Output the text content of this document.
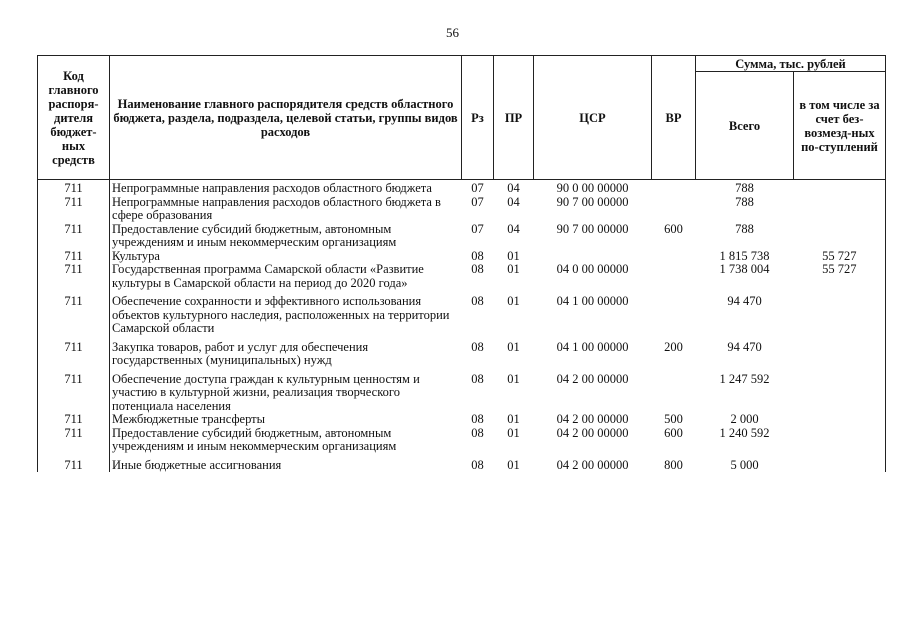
56
Код главного распоря-дителя бюджет-ных средств	Наименование главного распорядителя средств областного бюджета, раздела, подраздела, целевой статьи, группы видов расходов	Рз	ПР	ЦСР	ВР	Сумма, тыс. рублей	
						Всего	в том числе за счет без-возмезд-ных по-ступлений
711	Непрограммные направления расходов областного бюджета	07	04	90 0 00 00000		788	
711	Непрограммные направления расходов областного бюджета в сфере образования	07	04	90 7 00 00000		788	
711	Предоставление субсидий бюджетным, автономным учреждениям и иным некоммерческим организациям	07	04	90 7 00 00000	600	788	
711	Культура	08	01			1 815 738	55 727
711	Государственная программа Самарской области «Развитие культуры в Самарской области на период до 2020 года»	08	01	04 0 00 00000		1 738 004	55 727
711	Обеспечение сохранности и эффективного использования объектов культурного наследия, расположенных на территории Самарской области	08	01	04 1 00 00000		94 470	
711	Закупка товаров, работ и услуг для обеспечения государственных (муниципальных) нужд	08	01	04 1 00 00000	200	94 470	
711	Обеспечение доступа граждан к культурным ценностям и участию в культурной жизни, реализация творческого потенциала населения	08	01	04 2 00 00000		1 247 592	
711	Межбюджетные трансферты	08	01	04 2 00 00000	500	2 000	
711	Предоставление субсидий бюджетным, автономным учреждениям и иным некоммерческим организациям	08	01	04 2 00 00000	600	1 240 592	
711	Иные бюджетные ассигнования	08	01	04 2 00 00000	800	5 000	
